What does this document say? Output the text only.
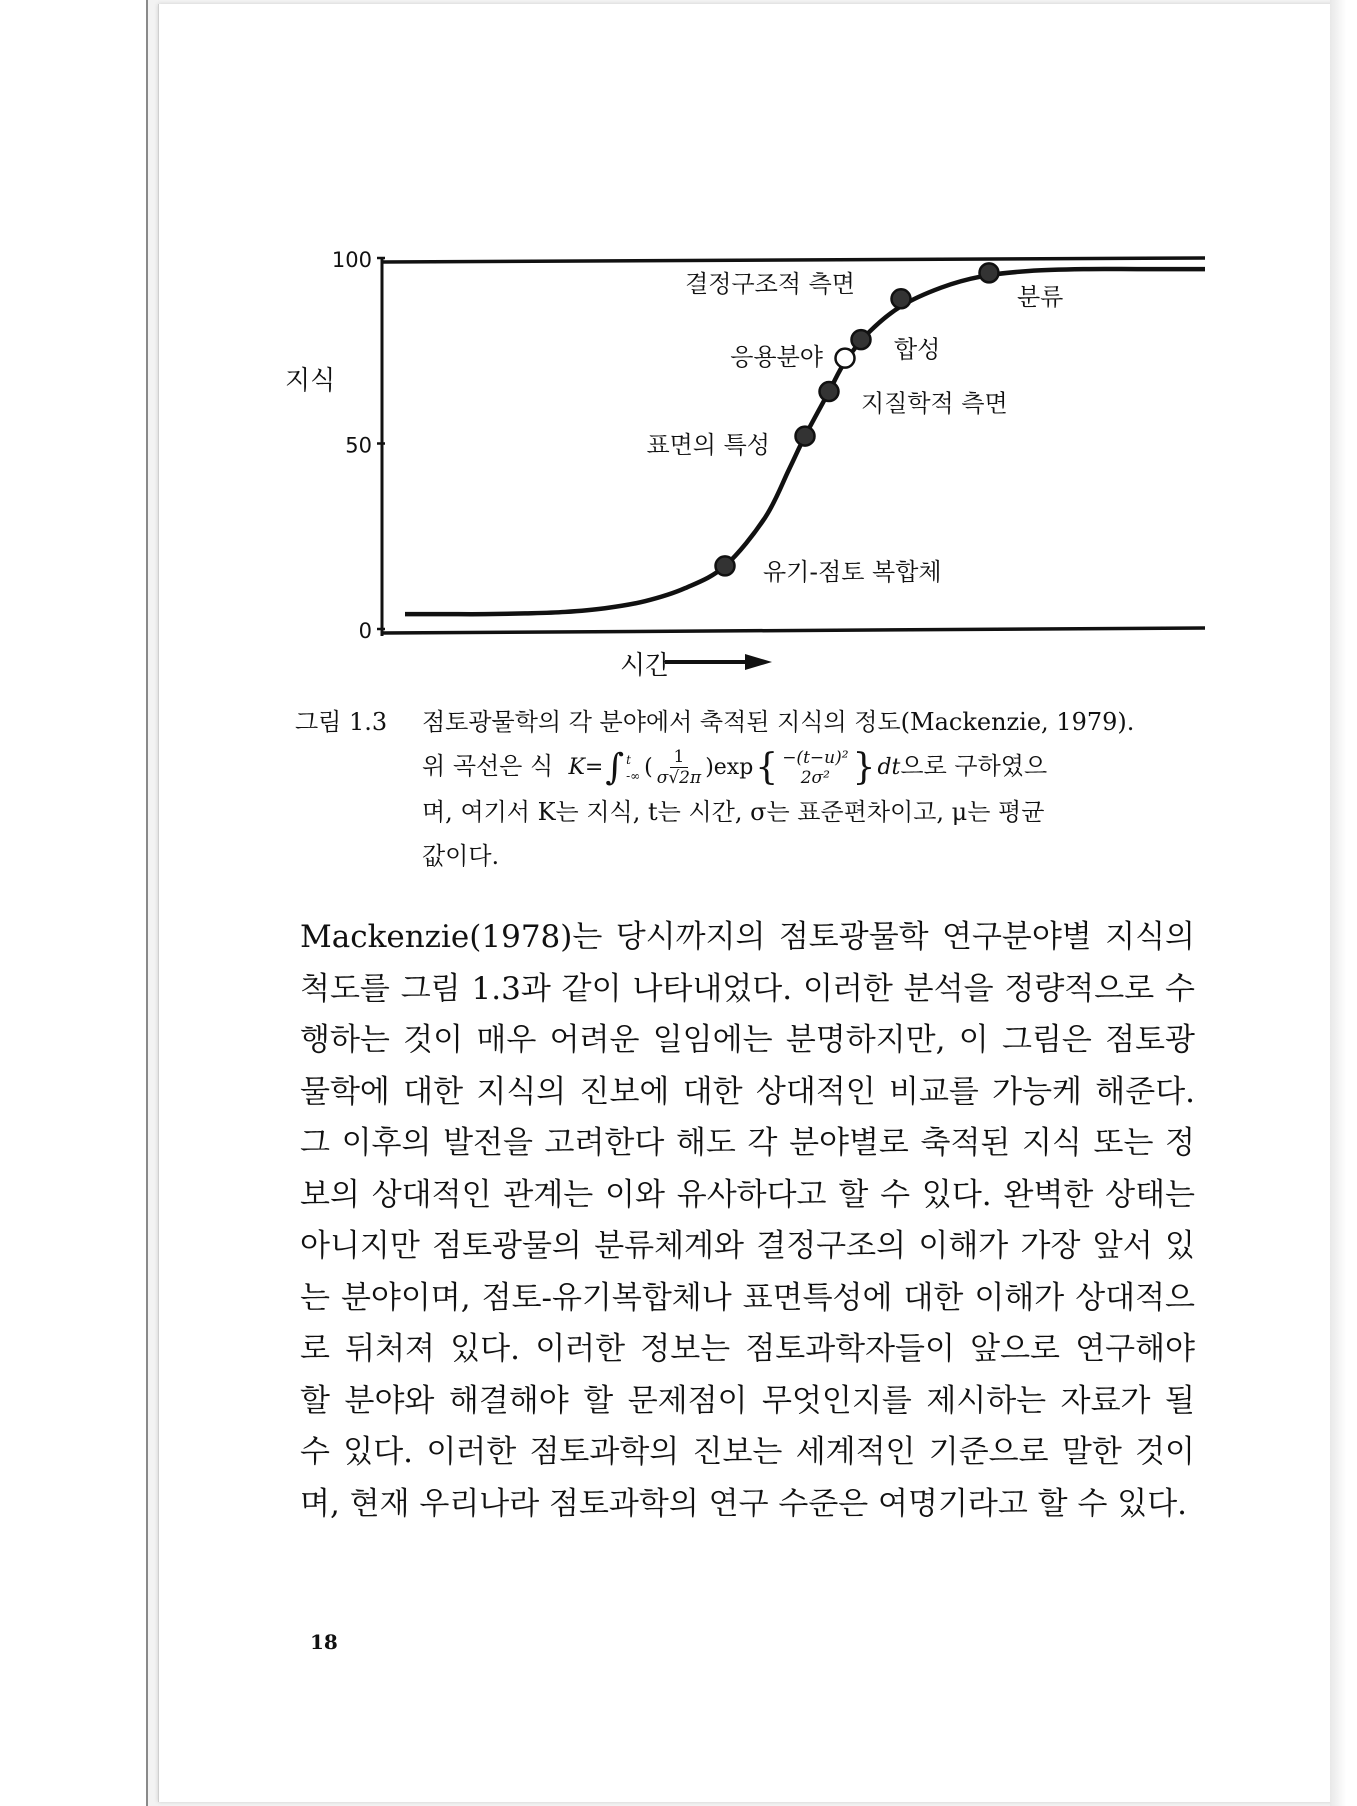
100
50
0
지식
시간
유기-점토 복합체
표면의 특성
지질학적 측면
응용분야	합성
결정구조적 측면	분류
그림 1.3 점토광물학의 각 분야에서 축적된 지식의 정도(Mackenzie, 1979).
위 곡선은 식 K= ∫ t
-∞ ( $\frac{1}{\sigma√2\pi} )\exp$ { −(t−u)²
2σ² } dt 으로 구하였으
며, 여기서 K는 지식, t는 시간, σ는 표준편차이고, μ는 평균
값이다.

Mackenzie(1978)는 당시까지의 점토광물학 연구분야별 지식의 척도를 그림 1.3과 같이 나타내었다. 이러한 분석을 정량적으로 수행하는 것이 매우 어려운 일임에는 분명하지만, 이 그림은 점토광물학에 대한 지식의 진보에 대한 상대적인 비교를 가능케 해준다. 그 이후의 발전을 고려한다 해도 각 분야별로 축적된 지식 또는 정보의 상대적인 관계는 이와 유사하다고 할 수 있다. 완벽한 상태는 아니지만 점토광물의 분류체계와 결정구조의 이해가 가장 앞서 있는 분야이며, 점토-유기복합체나 표면특성에 대한 이해가 상대적으로 뒤처져 있다. 이러한 정보는 점토과학자들이 앞으로 연구해야 할 분야와 해결해야 할 문제점이 무엇인지를 제시하는 자료가 될 수 있다. 이러한 점토과학의 진보는 세계적인 기준으로 말한 것이며, 현재 우리나라 점토과학의 연구 수준은 여명기라고 할 수 있다.

18
